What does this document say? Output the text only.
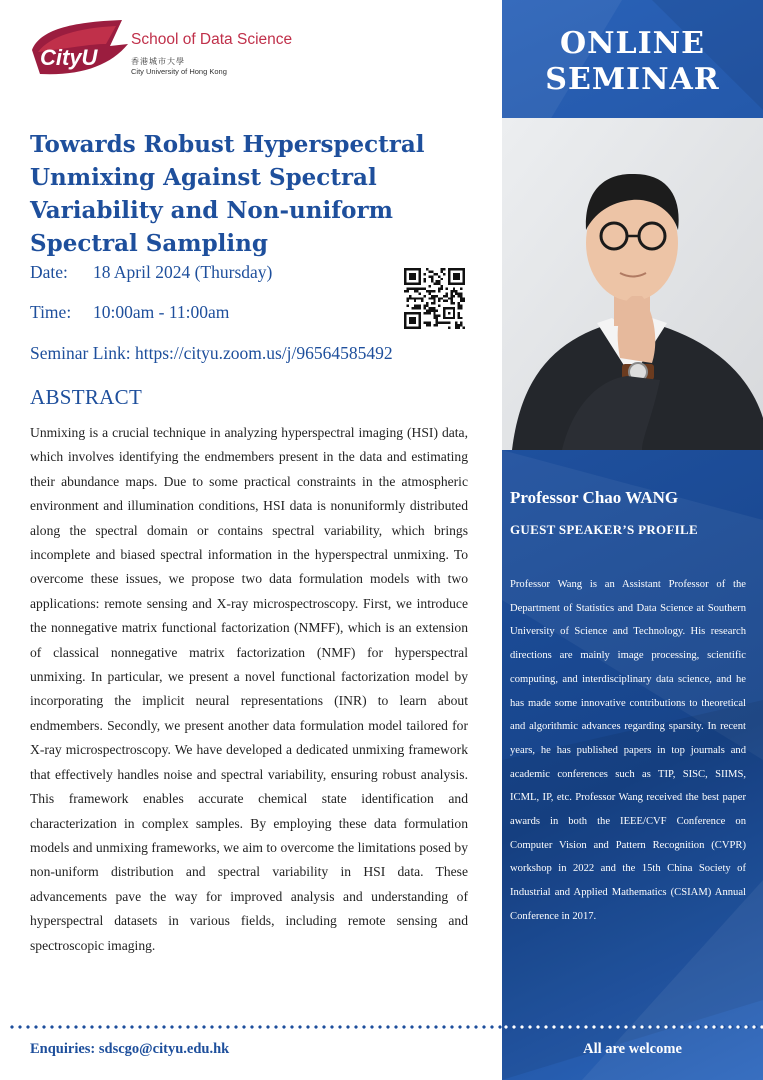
ONLINE
SEMINAR
Professor Chao WANG
GUEST SPEAKER’S PROFILE
Professor Wang is an Assistant Professor of the Department of Statistics and Data Science at Southern University of Science and Technology. His research directions are mainly image processing, scientific computing, and interdisciplinary data science, and he has made some innovative contributions to theoretical and algorithmic advances regarding sparsity. In recent years, he has published papers in top journals and academic conferences such as TIP, SISC, SIIMS, ICML, IP, etc. Professor Wang received the best paper awards in both the IEEE/CVF Conference on Computer Vision and Pattern Recognition (CVPR) workshop in 2022 and the 15th China Society of Industrial and Applied Mathematics (CSIAM) Annual Conference in 2017.
All are welcome
CityU
School of Data Science
香港城市大學
City University of Hong Kong
Towards Robust Hyperspectral Unmixing Against Spectral Variability and Non-uniform Spectral Sampling
Date: 18 April 2024 (Thursday)
Time: 10:00am - 11:00am
Seminar Link: https://cityu.zoom.us/j/96564585492
ABSTRACT
Unmixing is a crucial technique in analyzing hyperspectral imaging (HSI) data, which involves identifying the endmembers present in the data and estimating their abundance maps. Due to some practical constraints in the atmospheric environment and illumination conditions, HSI data is nonuniformly distributed along the spectral domain or contains spectral variability, which brings incomplete and biased spectral information in the hyperspectral unmixing. To overcome these issues, we propose two data formulation models with two applications: remote sensing and X-ray microspectroscopy. First, we introduce the nonnegative matrix functional factorization (NMFF), which is an extension of classical nonnegative matrix factorization (NMF) for hyperspectral unmixing. In particular, we present a novel functional factorization model by incorporating the implicit neural representations (INR) to learn about endmembers. Secondly, we present another data formulation model tailored for X-ray microspectroscopy. We have developed a dedicated unmixing framework that effectively handles noise and spectral variability, ensuring robust analysis. This framework enables accurate chemical state identification and characterization in complex samples. By employing these data formulation models and unmixing frameworks, we aim to overcome the limitations posed by non-uniform distribution and spectral variability in HSI data. These advancements pave the way for improved analysis and understanding of hyperspectral datasets in various fields, including remote sensing and spectroscopic imaging.
Enquiries: sdscgo@cityu.edu.hk
